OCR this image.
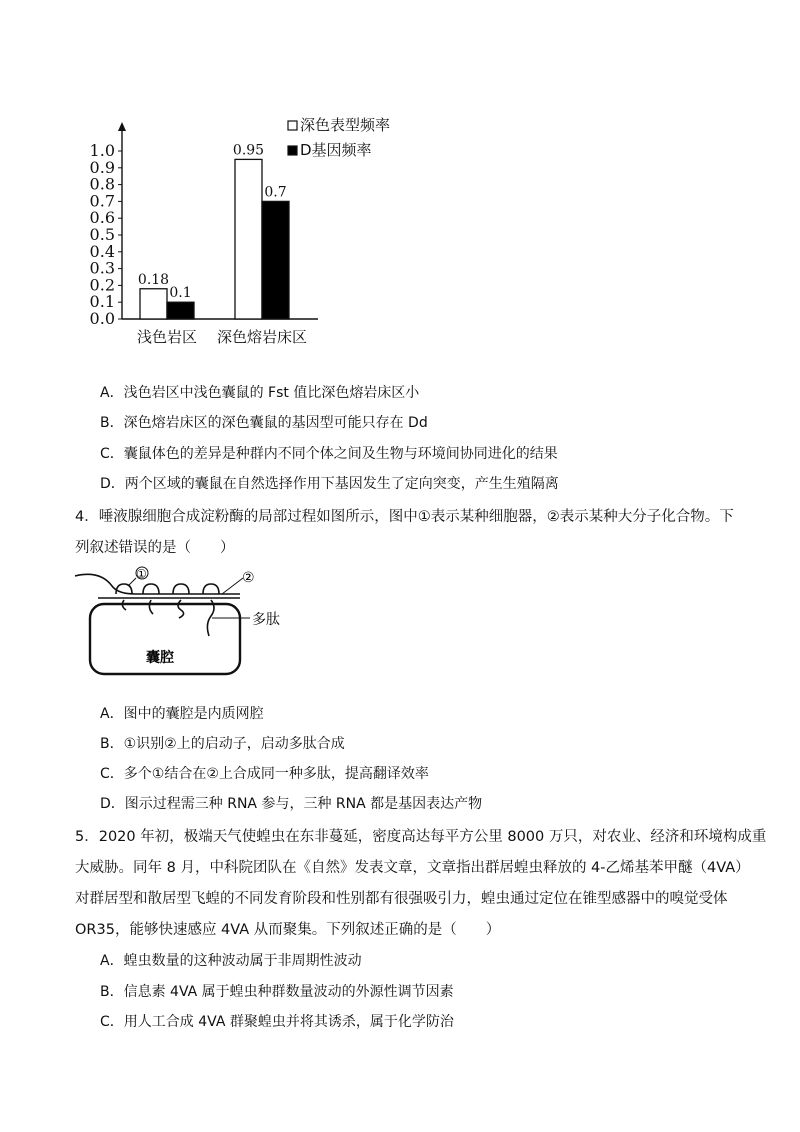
0.0
0.1
0.2
0.3
0.4
0.5
0.6
0.7
0.8
0.9
1.0
0.18
0.1
浅色岩区
0.95
0.7
深色熔岩床区
深色表型频率
D基因频率
A．浅色岩区中浅色囊鼠的 Fst 值比深色熔岩床区小
B．深色熔岩床区的深色囊鼠的基因型可能只存在 Dd
C．囊鼠体色的差异是种群内不同个体之间及生物与环境间协同进化的结果
D．两个区域的囊鼠在自然选择作用下基因发生了定向突变，产生生殖隔离
4．唾液腺细胞合成淀粉酶的局部过程如图所示，图中①表示某种细胞器，②表示某种大分子化合物。下
列叙述错误的是（　　）
①	②
多肽
囊腔
A．图中的囊腔是内质网腔
B．①识别②上的启动子，启动多肽合成
C．多个①结合在②上合成同一种多肽，提高翻译效率
D．图示过程需三种 RNA 参与，三种 RNA 都是基因表达产物
5．2020 年初，极端天气使蝗虫在东非蔓延，密度高达每平方公里 8000 万只，对农业、经济和环境构成重
大威胁。同年 8 月，中科院团队在《自然》发表文章，文章指出群居蝗虫释放的 4-乙烯基苯甲醚（4VA）
对群居型和散居型飞蝗的不同发育阶段和性别都有很强吸引力，蝗虫通过定位在锥型感器中的嗅觉受体
OR35，能够快速感应 4VA 从而聚集。下列叙述正确的是（　　）
A．蝗虫数量的这种波动属于非周期性波动
B．信息素 4VA 属于蝗虫种群数量波动的外源性调节因素
C．用人工合成 4VA 群聚蝗虫并将其诱杀，属于化学防治
